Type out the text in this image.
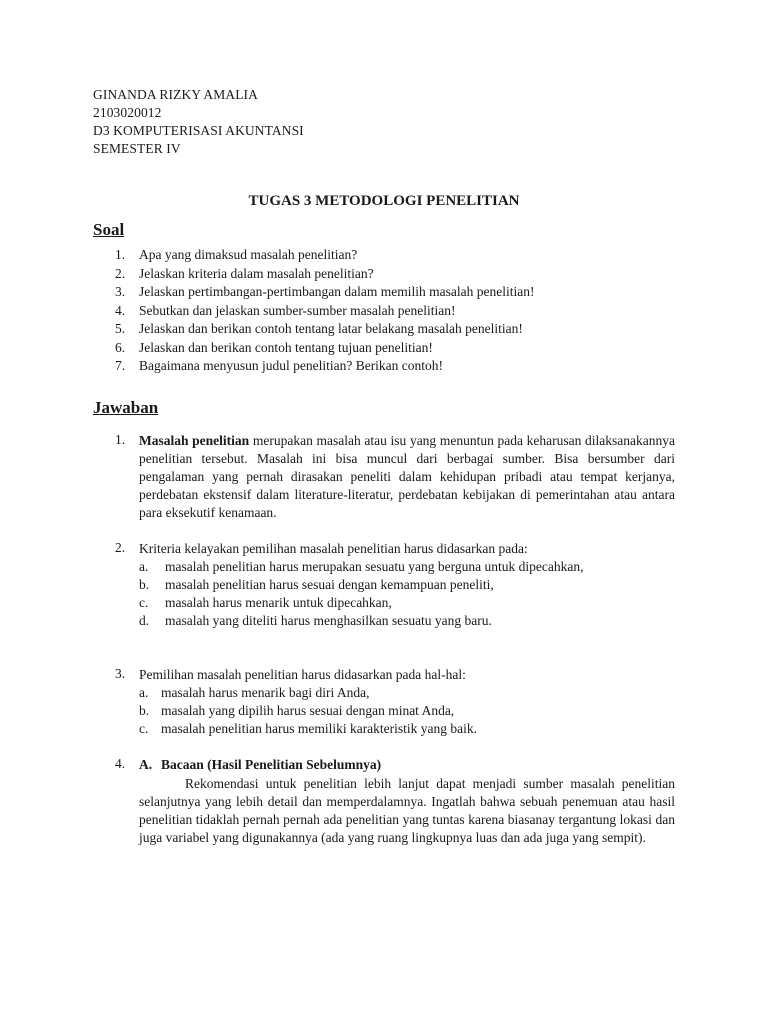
GINANDA RIZKY AMALIA
2103020012
D3 KOMPUTERISASI AKUNTANSI
SEMESTER IV
TUGAS 3 METODOLOGI PENELITIAN
Soal
1. Apa yang dimaksud masalah penelitian?
2. Jelaskan kriteria dalam masalah penelitian?
3. Jelaskan pertimbangan-pertimbangan dalam memilih masalah penelitian!
4. Sebutkan dan jelaskan sumber-sumber masalah penelitian!
5. Jelaskan dan berikan contoh tentang latar belakang masalah penelitian!
6. Jelaskan dan berikan contoh tentang tujuan penelitian!
7. Bagaimana menyusun judul penelitian? Berikan contoh!
Jawaban
1. Masalah penelitian merupakan masalah atau isu yang menuntun pada keharusan dilaksanakannya penelitian tersebut. Masalah ini bisa muncul dari berbagai sumber. Bisa bersumber dari pengalaman yang pernah dirasakan peneliti dalam kehidupan pribadi atau tempat kerjanya, perdebatan ekstensif dalam literature-literatur, perdebatan kebijakan di pemerintahan atau antara para eksekutif kenamaan.
2. Kriteria kelayakan pemilihan masalah penelitian harus didasarkan pada:
a. masalah penelitian harus merupakan sesuatu yang berguna untuk dipecahkan,
b. masalah penelitian harus sesuai dengan kemampuan peneliti,
c. masalah harus menarik untuk dipecahkan,
d. masalah yang diteliti harus menghasilkan sesuatu yang baru.
3. Pemilihan masalah penelitian harus didasarkan pada hal-hal:
a. masalah harus menarik bagi diri Anda,
b. masalah yang dipilih harus sesuai dengan minat Anda,
c. masalah penelitian harus memiliki karakteristik yang baik.
4. A. Bacaan (Hasil Penelitian Sebelumnya)
Rekomendasi untuk penelitian lebih lanjut dapat menjadi sumber masalah penelitian selanjutnya yang lebih detail dan memperdalamnya. Ingatlah bahwa sebuah penemuan atau hasil penelitian tidaklah pernah pernah ada penelitian yang tuntas karena biasanay tergantung lokasi dan juga variabel yang digunakannya (ada yang ruang lingkupnya luas dan ada juga yang sempit).
